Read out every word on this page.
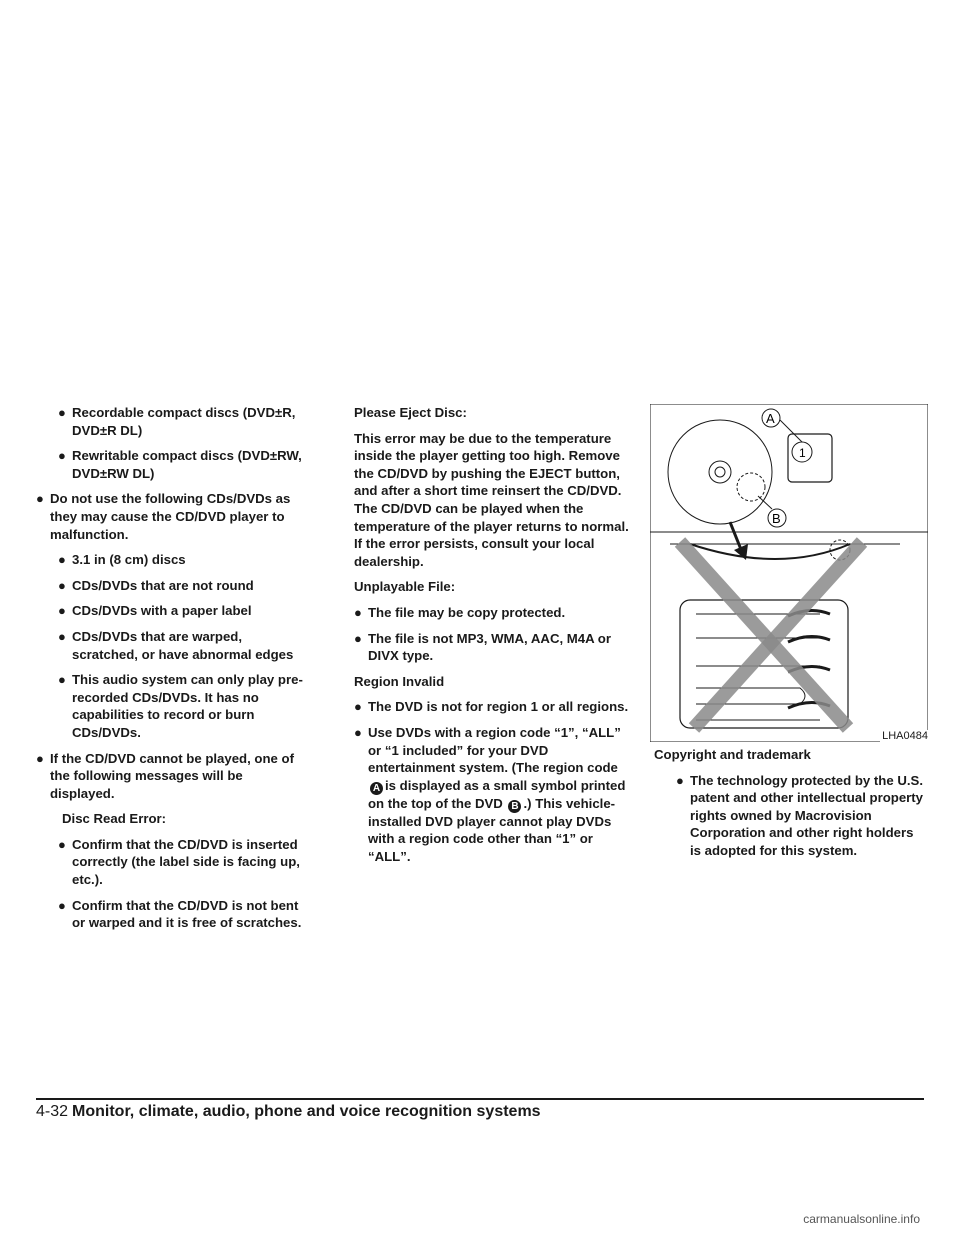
● Recordable compact discs (DVD±R, DVD±R DL)
● Rewritable compact discs (DVD±RW, DVD±RW DL)
● Do not use the following CDs/DVDs as they may cause the CD/DVD player to malfunction.
● 3.1 in (8 cm) discs
● CDs/DVDs that are not round
● CDs/DVDs with a paper label
● CDs/DVDs that are warped, scratched, or have abnormal edges
● This audio system can only play pre-recorded CDs/DVDs. It has no capabilities to record or burn CDs/DVDs.
● If the CD/DVD cannot be played, one of the following messages will be displayed.
Disc Read Error:
● Confirm that the CD/DVD is inserted correctly (the label side is facing up, etc.).
● Confirm that the CD/DVD is not bent or warped and it is free of scratches.
Please Eject Disc:
This error may be due to the temperature inside the player getting too high. Remove the CD/DVD by pushing the EJECT button, and after a short time reinsert the CD/DVD. The CD/DVD can be played when the temperature of the player returns to normal. If the error persists, consult your local dealership.
Unplayable File:
● The file may be copy protected.
● The file is not MP3, WMA, AAC, M4A or DIVX type.
Region Invalid
● The DVD is not for region 1 or all regions.
● Use DVDs with a region code “1”, “ALL” or “1 included” for your DVD entertainment system. (The region code A is displayed as a small symbol printed on the top of the DVD B .) This vehicle-installed DVD player cannot play DVDs with a region code other than “1” or “ALL”.
1
A
B
LHA0484
Copyright and trademark
● The technology protected by the U.S. patent and other intellectual property rights owned by Macrovision Corporation and other right holders is adopted for this system.
4-32 Monitor, climate, audio, phone and voice recognition systems
carmanualsonline.info
